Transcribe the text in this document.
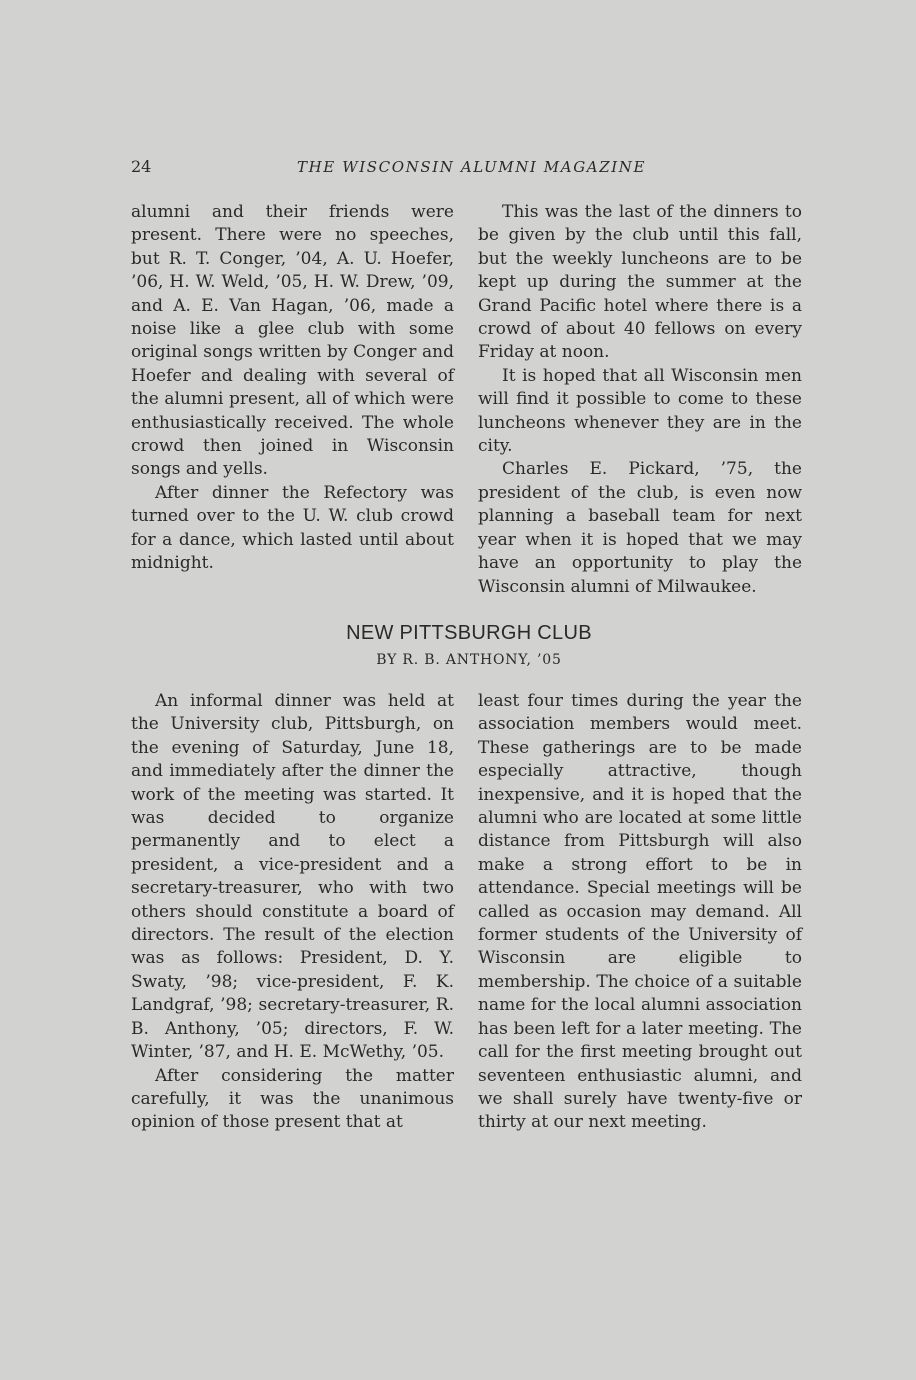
24	THE WISCONSIN ALUMNI MAGAZINE

alumni and their friends were present. There were no speeches, but R. T. Conger, ’04, A. U. Hoefer, ’06, H. W. Weld, ’05, H. W. Drew, ’09, and A. E. Van Hagan, ’06, made a noise like a glee club with some original songs written by Conger and Hoefer and dealing with several of the alumni present, all of which were enthusiastically received. The whole crowd then joined in Wisconsin songs and yells.

After dinner the Refectory was turned over to the U. W. club crowd for a dance, which lasted until about midnight.

This was the last of the dinners to be given by the club until this fall, but the weekly luncheons are to be kept up during the summer at the Grand Pacific hotel where there is a crowd of about 40 fellows on every Friday at noon.

It is hoped that all Wisconsin men will find it possible to come to these luncheons whenever they are in the city.

Charles E. Pickard, ’75, the president of the club, is even now planning a baseball team for next year when it is hoped that we may have an opportunity to play the Wisconsin alumni of Milwaukee.

NEW PITTSBURGH CLUB
BY R. B. ANTHONY, ’05

An informal dinner was held at the University club, Pittsburgh, on the evening of Saturday, June 18, and immediately after the dinner the work of the meeting was started. It was decided to organize permanently and to elect a president, a vice-president and a secretary-treasurer, who with two others should constitute a board of directors. The result of the election was as follows: President, D. Y. Swaty, ’98; vice-president, F. K. Landgraf, ’98; secretary-treasurer, R. B. Anthony, ’05; directors, F. W. Winter, ’87, and H. E. McWethy, ’05.

After considering the matter carefully, it was the unanimous opinion of those present that at

least four times during the year the association members would meet. These gatherings are to be made especially attractive, though inexpensive, and it is hoped that the alumni who are located at some little distance from Pittsburgh will also make a strong effort to be in attendance. Special meetings will be called as occasion may demand. All former students of the University of Wisconsin are eligible to membership. The choice of a suitable name for the local alumni association has been left for a later meeting. The call for the first meeting brought out seventeen enthusiastic alumni, and we shall surely have twenty-five or thirty at our next meeting.
